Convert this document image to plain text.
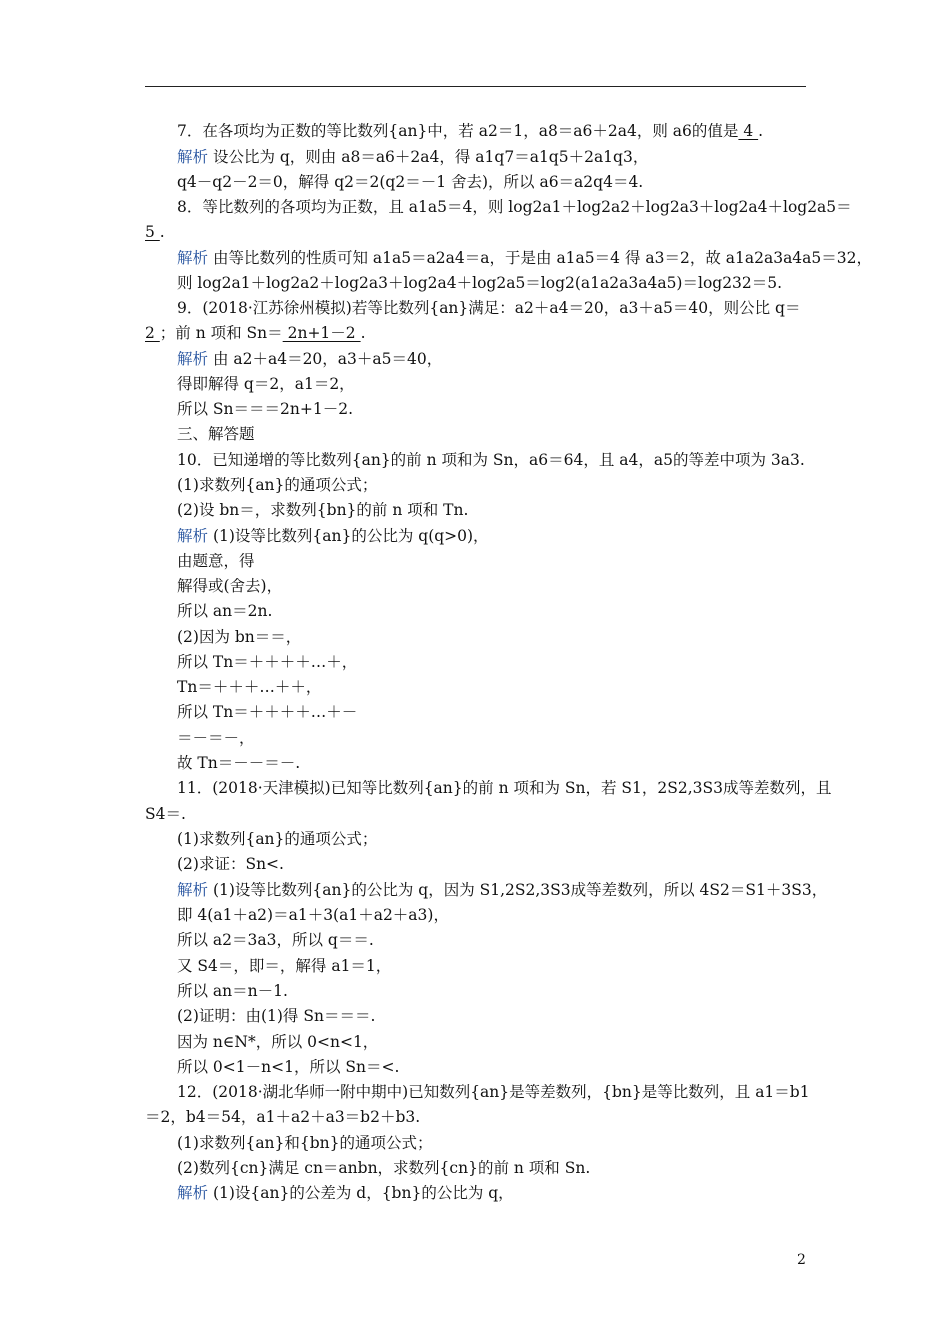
7．在各项均为正数的等比数列{an}中，若 a2＝1，a8＝a6＋2a4，则 a6的值是 4 .
解析 设公比为 q，则由 a8＝a6＋2a4，得 a1q7＝a1q5＋2a1q3，
q4－q2－2＝0，解得 q2＝2(q2＝－1 舍去)，所以 a6＝a2q4＝4.
8．等比数列的各项均为正数，且 a1a5＝4，则 log2a1＋log2a2＋log2a3＋log2a4＋log2a5＝
5 .
解析 由等比数列的性质可知 a1a5＝a2a4＝a，于是由 a1a5＝4 得 a3＝2，故 a1a2a3a4a5＝32，
则 log2a1＋log2a2＋log2a3＋log2a4＋log2a5＝log2(a1a2a3a4a5)＝log232＝5.
9．(2018·江苏徐州模拟)若等比数列{an}满足：a2＋a4＝20，a3＋a5＝40，则公比 q＝
2 ；前 n 项和 Sn＝ 2n+1－2 .
解析 由 a2＋a4＝20，a3＋a5＝40，
得即解得 q＝2，a1＝2，
所以 Sn＝＝＝2n+1－2.
三、解答题
10．已知递增的等比数列{an}的前 n 项和为 Sn，a6＝64，且 a4，a5的等差中项为 3a3.
(1)求数列{an}的通项公式；
(2)设 bn＝，求数列{bn}的前 n 项和 Tn.
解析 (1)设等比数列{an}的公比为 q(q>0)，
由题意，得
解得或(舍去)，
所以 an＝2n.
(2)因为 bn＝＝，
所以 Tn＝＋＋＋＋…＋，
Tn＝＋＋＋…＋＋，
所以 Tn＝＋＋＋＋…＋－
＝－＝－，
故 Tn＝－－＝－.
11．(2018·天津模拟)已知等比数列{an}的前 n 项和为 Sn，若 S1，2S2,3S3成等差数列，且
S4＝.
(1)求数列{an}的通项公式；
(2)求证：Sn<.
解析 (1)设等比数列{an}的公比为 q，因为 S1,2S2,3S3成等差数列，所以 4S2＝S1＋3S3，
即 4(a1＋a2)＝a1＋3(a1＋a2＋a3)，
所以 a2＝3a3，所以 q＝＝.
又 S4＝，即＝，解得 a1＝1，
所以 an＝n－1.
(2)证明：由(1)得 Sn＝＝＝.
因为 n∈N*，所以 0<n<1，
所以 0<1－n<1，所以 Sn＝<.
12．(2018·湖北华师一附中期中)已知数列{an}是等差数列，{bn}是等比数列，且 a1＝b1
＝2，b4＝54，a1＋a2＋a3＝b2＋b3.
(1)求数列{an}和{bn}的通项公式；
(2)数列{cn}满足 cn＝anbn，求数列{cn}的前 n 项和 Sn.
解析 (1)设{an}的公差为 d，{bn}的公比为 q，
2
